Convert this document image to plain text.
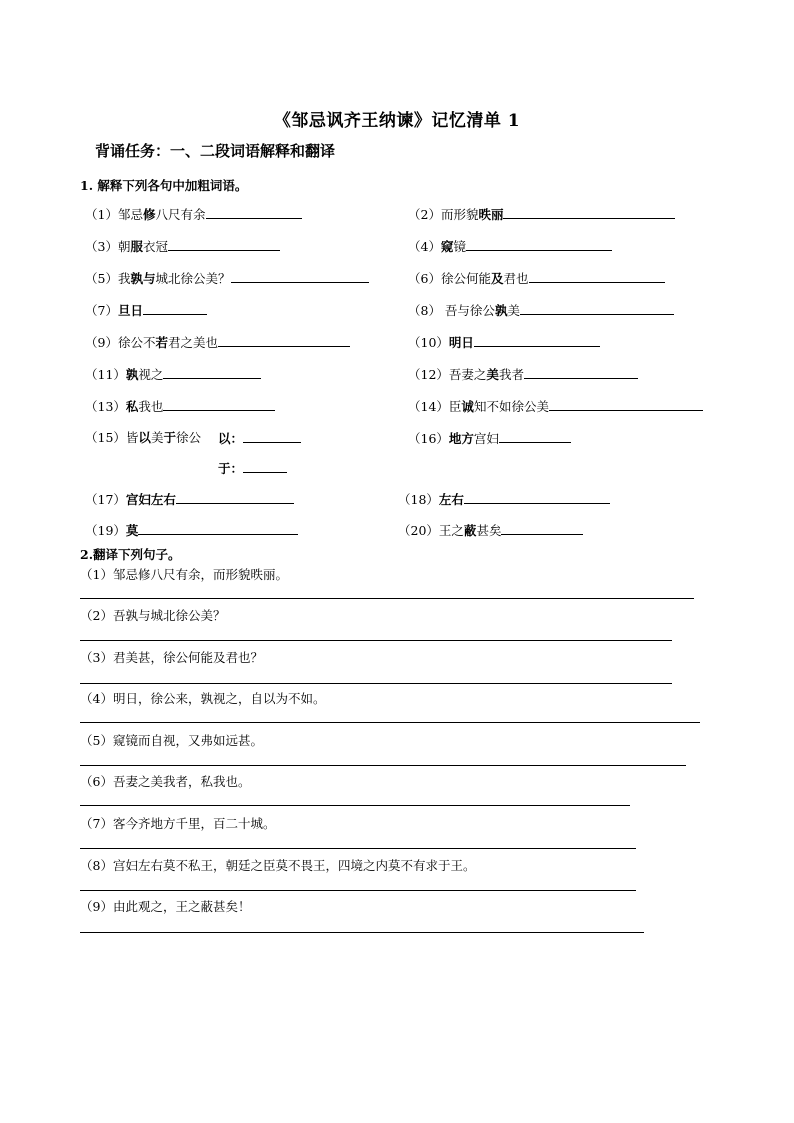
《邹忌讽齐王纳谏》记忆清单 1
背诵任务：一、二段词语解释和翻译
1. 解释下列各句中加粗词语。
（1）邹忌修八尺有余	（2）而形貌昳丽
（3）朝服衣冠	（4）窥镜
（5）我孰与城北徐公美？	（6）徐公何能及君也
（7）旦日	（8） 吾与徐公孰美
（9）徐公不若君之美也	（10）明日
（11）孰视之	（12）吾妻之美我者
（13）私我也	（14）臣诚知不如徐公美
（15）皆以美于徐公 以：	（16）地方宫妇
于：
（17）宫妇左右	（18）左右
（19）莫	（20）王之蔽甚矣
2.翻译下列句子。
（1）邹忌修八尺有余，而形貌昳丽。
（2）吾孰与城北徐公美？
（3）君美甚，徐公何能及君也？
（4）明日，徐公来，孰视之，自以为不如。
（5）窥镜而自视，又弗如远甚。
（6）吾妻之美我者，私我也。
（7）客今齐地方千里，百二十城。
（8）宫妇左右莫不私王，朝廷之臣莫不畏王，四境之内莫不有求于王。
（9）由此观之，王之蔽甚矣！
